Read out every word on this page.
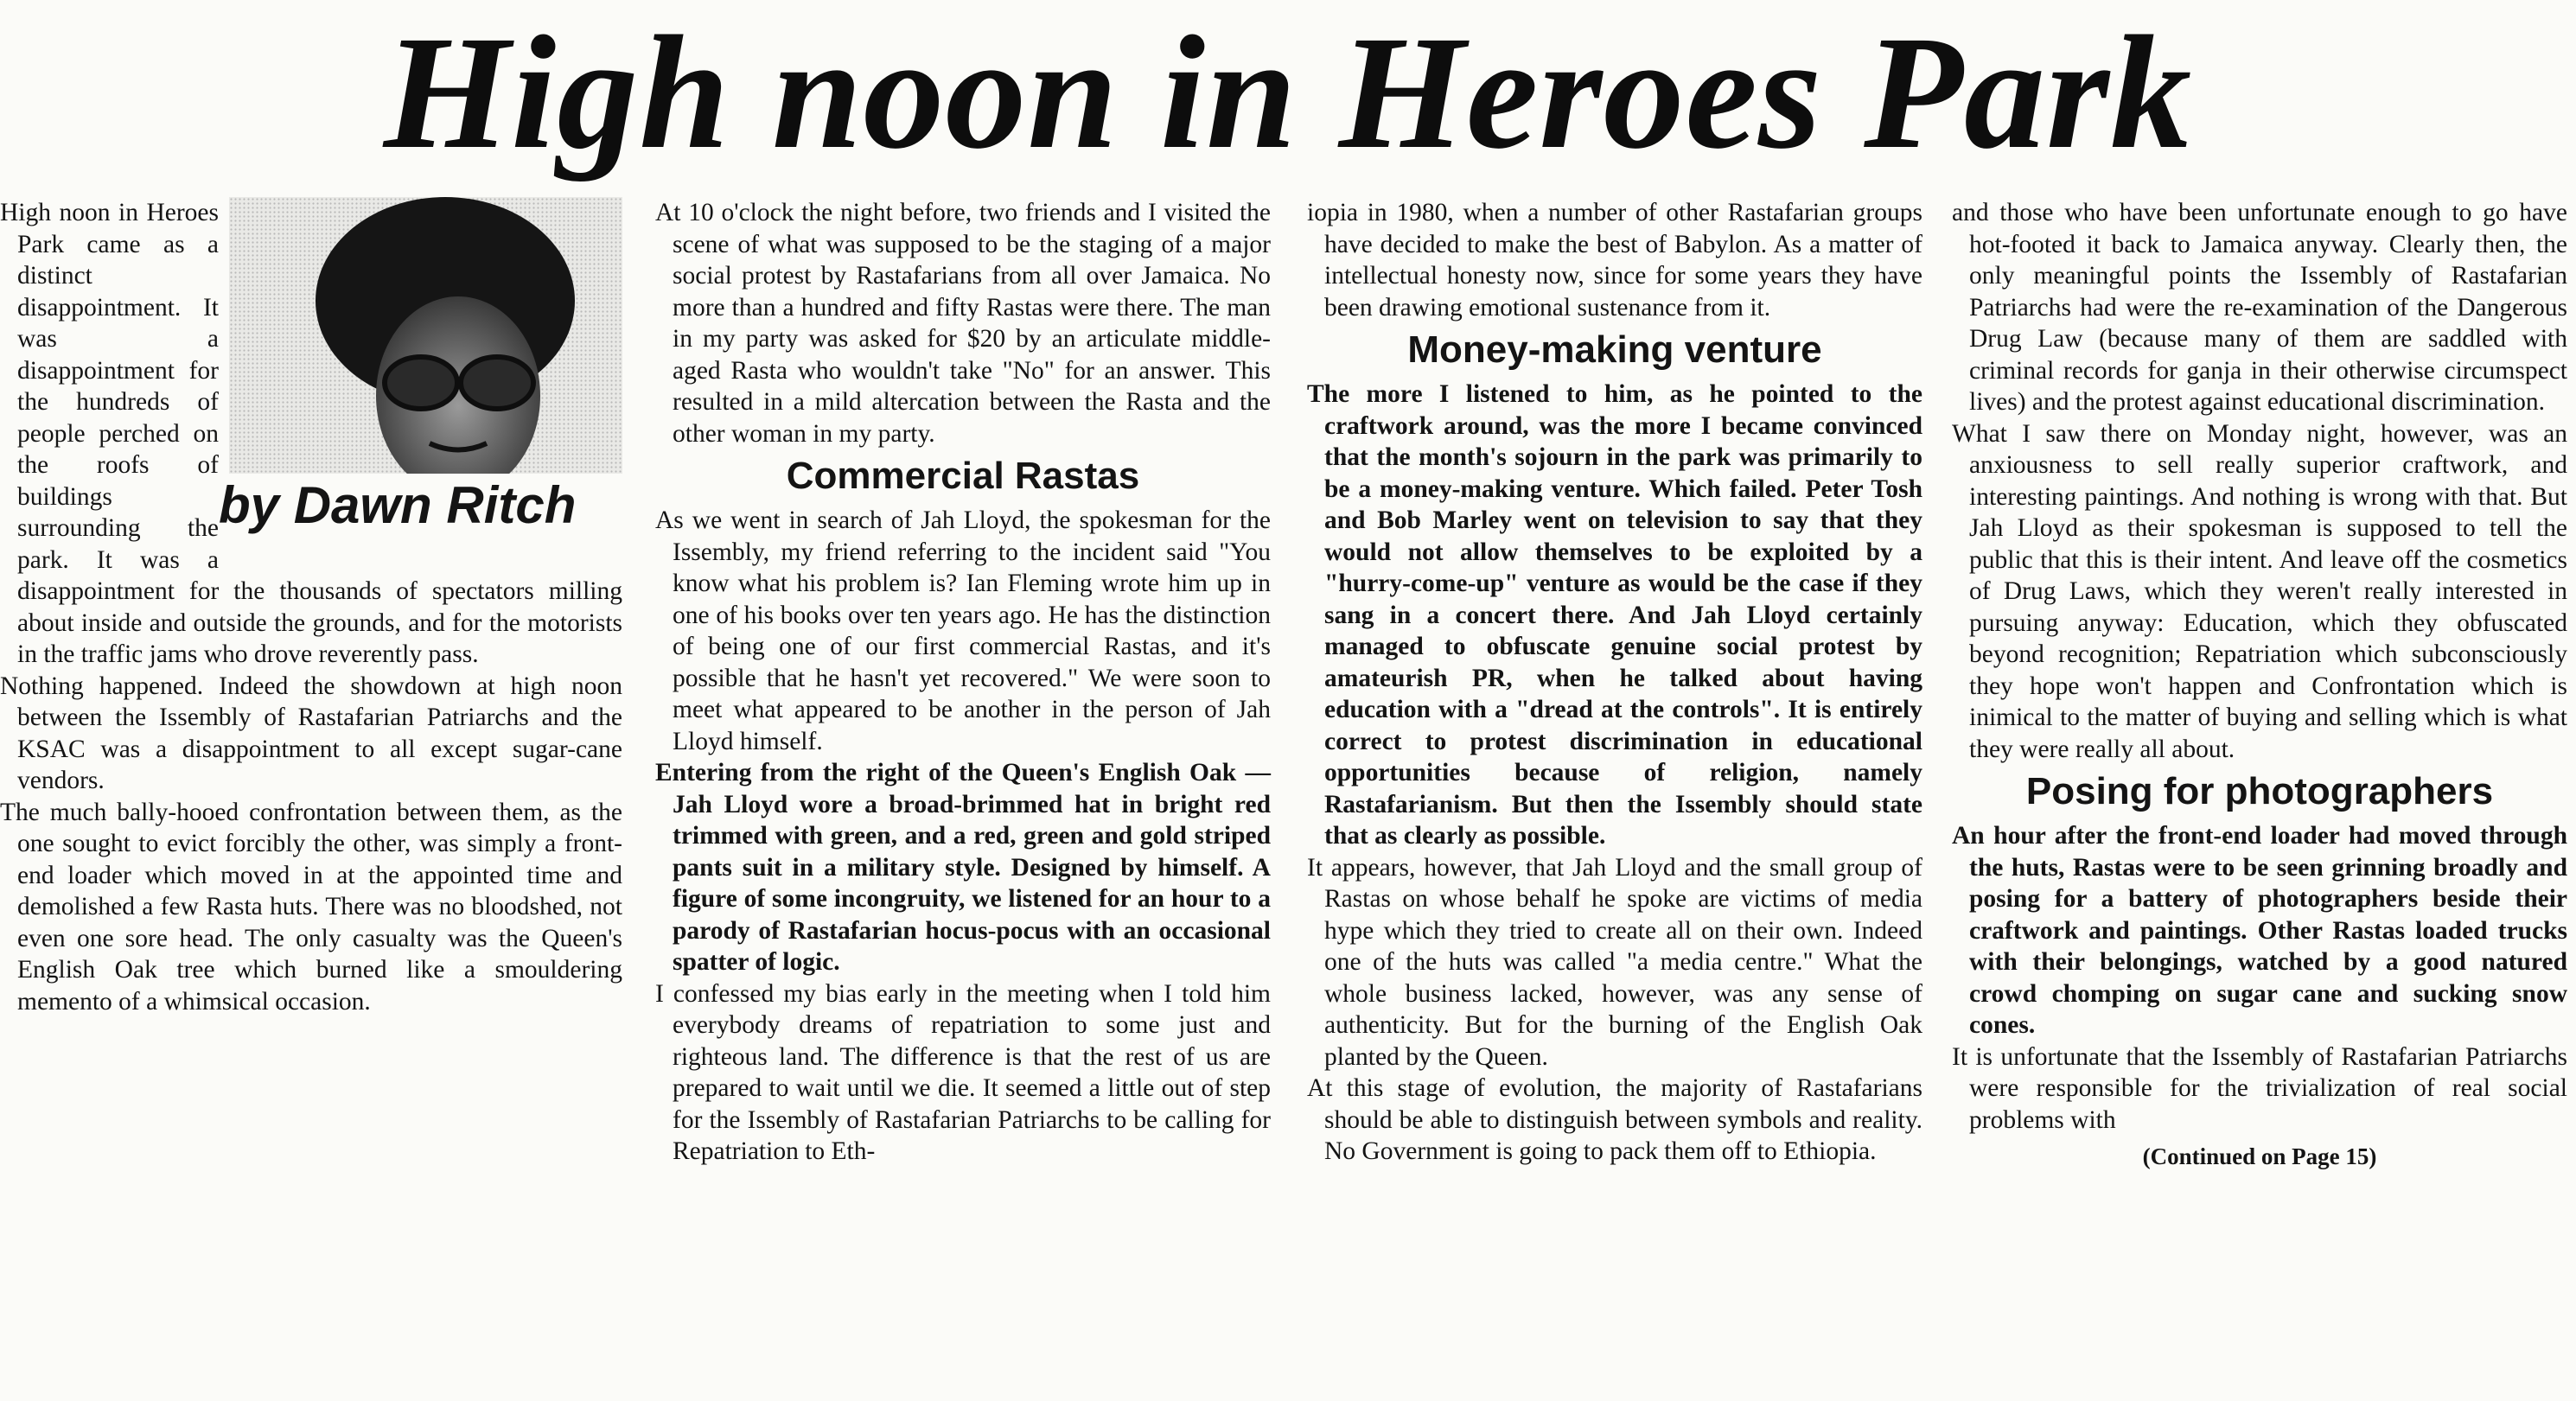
High noon in Heroes Park
by Dawn Ritch

High noon in Heroes Park came as a distinct disappointment. It was a disappointment for the hundreds of people perched on the roofs of buildings surrounding the park. It was a disappointment for the thousands of spectators milling about inside and outside the grounds, and for the motorists in the traffic jams who drove reverently pass.

Nothing happened. Indeed the showdown at high noon between the Issembly of Rastafarian Patriarchs and the KSAC was a disappointment to all except sugar-cane vendors.

The much bally-hooed confrontation between them, as the one sought to evict forcibly the other, was simply a front-end loader which moved in at the appointed time and demolished a few Rasta huts. There was no bloodshed, not even one sore head. The only casualty was the Queen's English Oak tree which burned like a smouldering memento of a whimsical occasion.

At 10 o'clock the night before, two friends and I visited the scene of what was supposed to be the staging of a major social protest by Rastafarians from all over Jamaica. No more than a hundred and fifty Rastas were there. The man in my party was asked for $20 by an articulate middle-aged Rasta who wouldn't take "No" for an answer. This resulted in a mild altercation between the Rasta and the other woman in my party.

Commercial Rastas

As we went in search of Jah Lloyd, the spokesman for the Issembly, my friend referring to the incident said "You know what his problem is? Ian Fleming wrote him up in one of his books over ten years ago. He has the distinction of being one of our first commercial Rastas, and it's possible that he hasn't yet recovered." We were soon to meet what appeared to be another in the person of Jah Lloyd himself.

Entering from the right of the Queen's English Oak — Jah Lloyd wore a broad-brimmed hat in bright red trimmed with green, and a red, green and gold striped pants suit in a military style. Designed by himself. A figure of some incongruity, we listened for an hour to a parody of Rastafarian hocus-pocus with an occasional spatter of logic.

I confessed my bias early in the meeting when I told him everybody dreams of repatriation to some just and righteous land. The difference is that the rest of us are prepared to wait until we die. It seemed a little out of step for the Issembly of Rastafarian Patriarchs to be calling for Repatriation to Eth-

iopia in 1980, when a number of other Rastafarian groups have decided to make the best of Babylon. As a matter of intellectual honesty now, since for some years they have been drawing emotional sustenance from it.

Money-making venture

The more I listened to him, as he pointed to the craftwork around, was the more I became convinced that the month's sojourn in the park was primarily to be a money-making venture. Which failed. Peter Tosh and Bob Marley went on television to say that they would not allow themselves to be exploited by a "hurry-come-up" venture as would be the case if they sang in a concert there. And Jah Lloyd certainly managed to obfuscate genuine social protest by amateurish PR, when he talked about having education with a "dread at the controls". It is entirely correct to protest discrimination in educational opportunities because of religion, namely Rastafarianism. But then the Issembly should state that as clearly as possible.

It appears, however, that Jah Lloyd and the small group of Rastas on whose behalf he spoke are victims of media hype which they tried to create all on their own. Indeed one of the huts was called "a media centre." What the whole business lacked, however, was any sense of authenticity. But for the burning of the English Oak planted by the Queen.

At this stage of evolution, the majority of Rastafarians should be able to distinguish between symbols and reality. No Government is going to pack them off to Ethiopia.

and those who have been unfortunate enough to go have hot-footed it back to Jamaica anyway. Clearly then, the only meaningful points the Issembly of Rastafarian Patriarchs had were the re-examination of the Dangerous Drug Law (because many of them are saddled with criminal records for ganja in their otherwise circumspect lives) and the protest against educational discrimination.

What I saw there on Monday night, however, was an anxiousness to sell really superior craftwork, and interesting paintings. And nothing is wrong with that. But Jah Lloyd as their spokesman is supposed to tell the public that this is their intent. And leave off the cosmetics of Drug Laws, which they weren't really interested in pursuing anyway: Education, which they obfuscated beyond recognition; Repatriation which subconsciously they hope won't happen and Confrontation which is inimical to the matter of buying and selling which is what they were really all about.

Posing for photographers

An hour after the front-end loader had moved through the huts, Rastas were to be seen grinning broadly and posing for a battery of photographers beside their craftwork and paintings. Other Rastas loaded trucks with their belongings, watched by a good natured crowd chomping on sugar cane and sucking snow cones.

It is unfortunate that the Issembly of Rastafarian Patriarchs were responsible for the trivialization of real social problems with

(Continued on Page 15)
